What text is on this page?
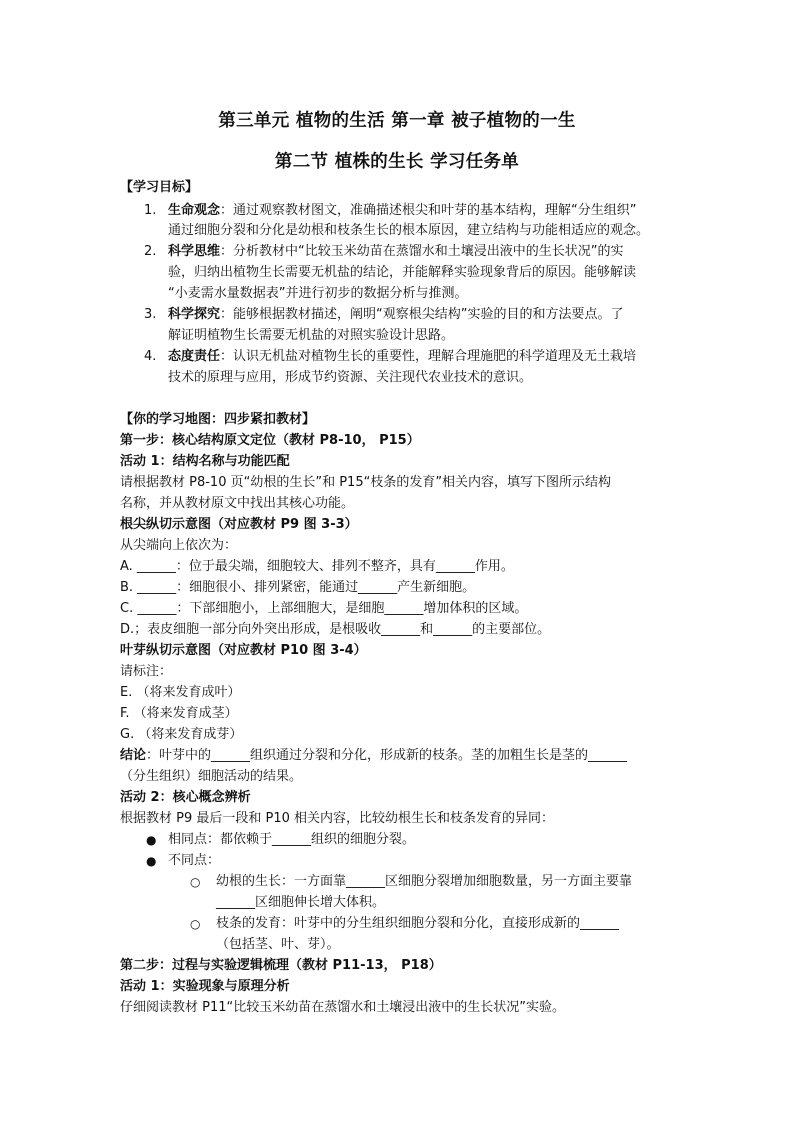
第三单元 植物的生活 第一章 被子植物的一生
第二节 植株的生长 学习任务单
【学习目标】
1. 生命观念：通过观察教材图文，准确描述根尖和叶芽的基本结构，理解“分生组织”
通过细胞分裂和分化是幼根和枝条生长的根本原因，建立结构与功能相适应的观念。
2. 科学思维：分析教材中“比较玉米幼苗在蒸馏水和土壤浸出液中的生长状况”的实
验，归纳出植物生长需要无机盐的结论，并能解释实验现象背后的原因。能够解读
“小麦需水量数据表”并进行初步的数据分析与推测。
3. 科学探究：能够根据教材描述，阐明“观察根尖结构”实验的目的和方法要点。了
解证明植物生长需要无机盐的对照实验设计思路。
4. 态度责任：认识无机盐对植物生长的重要性，理解合理施肥的科学道理及无土栽培
技术的原理与应用，形成节约资源、关注现代农业技术的意识。
【你的学习地图：四步紧扣教材】
第一步：核心结构原文定位（教材 P8-10， P15）
活动 1：结构名称与功能匹配
请根据教材 P8-10 页“幼根的生长”和 P15“枝条的发育”相关内容，填写下图所示结构
名称，并从教材原文中找出其核心功能。
根尖纵切示意图（对应教材 P9 图 3-3）
从尖端向上依次为：
A. ______：位于最尖端，细胞较大、排列不整齐，具有______作用。
B. ______：细胞很小、排列紧密，能通过______产生新细胞。
C. ______：下部细胞小，上部细胞大，是细胞______增加体积的区域。
D.；表皮细胞一部分向外突出形成，是根吸收______和______的主要部位。
叶芽纵切示意图（对应教材 P10 图 3-4）
请标注：
E. （将来发育成叶）
F. （将来发育成茎）
G. （将来发育成芽）
结论：叶芽中的______组织通过分裂和分化，形成新的枝条。茎的加粗生长是茎的______
（分生组织）细胞活动的结果。
活动 2：核心概念辨析
根据教材 P9 最后一段和 P10 相关内容，比较幼根生长和枝条发育的异同：
● 相同点：都依赖于______组织的细胞分裂。
● 不同点：
○ 幼根的生长：一方面靠______区细胞分裂增加细胞数量，另一方面主要靠
______区细胞伸长增大体积。
○ 枝条的发育：叶芽中的分生组织细胞分裂和分化，直接形成新的______
（包括茎、叶、芽）。
第二步：过程与实验逻辑梳理（教材 P11-13， P18）
活动 1：实验现象与原理分析
仔细阅读教材 P11“比较玉米幼苗在蒸馏水和土壤浸出液中的生长状况”实验。
